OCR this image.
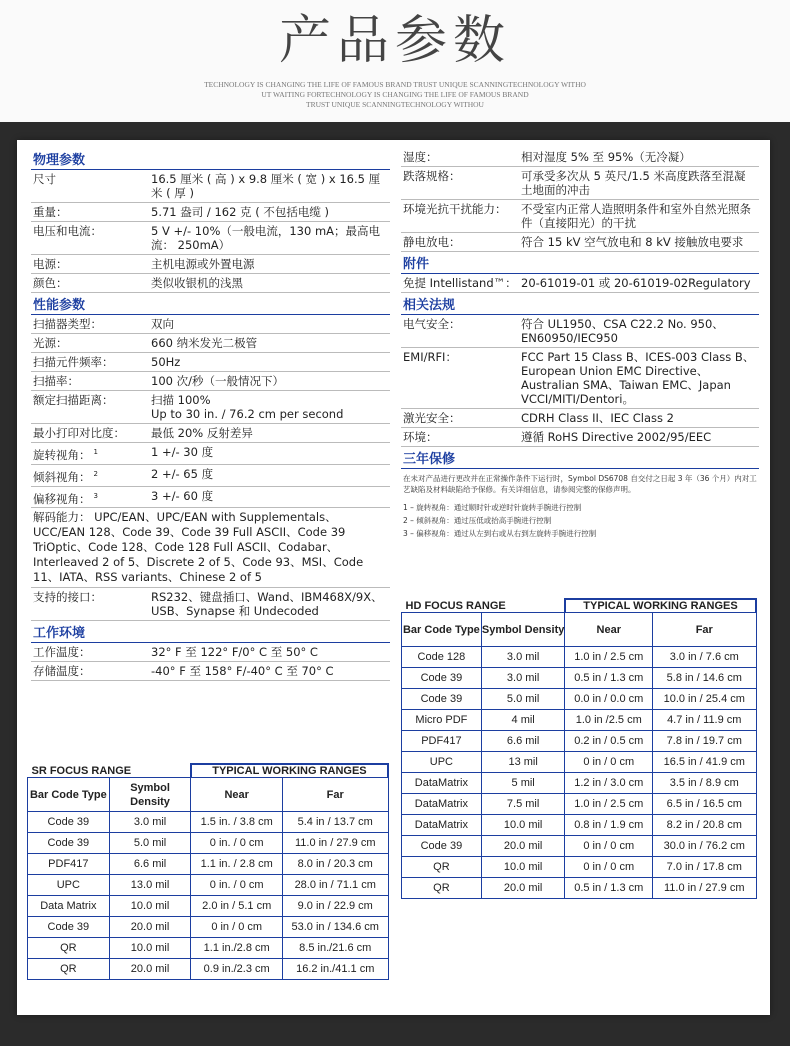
产品参数
TECHNOLOGY IS CHANGING THE LIFE OF FAMOUS BRAND TRUST UNIQUE SCANNINGTECHNOLOGY WITHO
UT WAITING FORTECHNOLOGY IS CHANGING THE LIFE OF FAMOUS BRAND
TRUST UNIQUE SCANNINGTECHNOLOGY WITHOU
物理参数
尺寸	16.5 厘米 ( 高 ) x 9.8 厘米 ( 宽 ) x 16.5 厘米 ( 厚 )
重量：	5.71 盎司 / 162 克 ( 不包括电缆 )
电压和电流：	5 V +/- 10%（一般电流，130 mA；最高电流： 250mA）
电源：	主机电源或外置电源
颜色：	类似收银机的浅黑
性能参数
扫描器类型：	双向
光源：	660 纳米发光二极管
扫描元件频率：	50Hz
扫描率：	100 次/秒（一般情况下）
额定扫描距离：	扫描 100%
Up to 30 in. / 76.2 cm per second
最小打印对比度：	最低 20% 反射差异
旋转视角： $^1$	1 +/- 30 度
倾斜视角： $^2$	2 +/- 65 度
偏移视角： $^3$	3 +/- 60 度
解码能力： UPC/EAN、UPC/EAN with Supplementals、UCC/EAN 128、Code 39、Code 39 Full ASCII、Code 39 TriOptic、Code 128、Code 128 Full ASCII、Codabar、Interleaved 2 of 5、Discrete 2 of 5、Code 93、MSI、Code 11、IATA、RSS variants、Chinese 2 of 5
支持的接口：	RS232、键盘插口、Wand、IBM468X/9X、USB、Synapse 和 Undecoded
工作环境
工作温度：	32° F 至 122° F/0° C 至 50° C
存储温度：	-40° F 至 158° F/-40° C 至 70° C
湿度：	相对湿度 5% 至 95%（无冷凝）
跌落规格：	可承受多次从 5 英尺/1.5 米高度跌落至混凝土地面的冲击
环境光抗干扰能力：	不受室内正常人造照明条件和室外自然光照条件（直接阳光）的干扰
静电放电：	符合 15 kV 空气放电和 8 kV 接触放电要求
附件
免提 Intellistand™： 20-61019-01 或 20-61019-02Regulatory
相关法规
电气安全：	符合 UL1950、CSA C22.2 No. 950、EN60950/IEC950
EMI/RFI：	FCC Part 15 Class B、ICES-003 Class B、European Union EMC Directive、Australian SMA、Taiwan EMC、Japan VCCI/MITI/Dentori。
激光安全：	CDRH Class II、IEC Class 2
环境：	遵循 RoHS Directive 2002/95/EEC
三年保修
在未对产品进行更改并在正常操作条件下运行时，Symbol DS6708 自交付之日起 3 年（36 个月）内对工艺缺陷及材料缺陷给予保修。有关详细信息，请参阅完整的保修声明。
1 – 旋转视角：通过顺时针或逆时针旋转手腕进行控制
2 – 倾斜视角：通过压低或抬高手腕进行控制
3 – 偏移视角：通过从左到右或从右到左旋转手腕进行控制
SR FOCUS RANGE		TYPICAL WORKING RANGES	
Bar Code Type	Symbol Density	Near	Far
Code 39	3.0 mil	1.5 in. / 3.8 cm	5.4 in / 13.7 cm
Code 39	5.0 mil	0 in. / 0 cm	11.0 in / 27.9 cm
PDF417	6.6 mil	1.1 in. / 2.8 cm	8.0 in / 20.3 cm
UPC	13.0 mil	0 in. / 0 cm	28.0 in / 71.1 cm
Data Matrix	10.0 mil	2.0 in / 5.1 cm	9.0 in / 22.9 cm
Code 39	20.0 mil	0 in / 0 cm	53.0 in / 134.6 cm
QR	10.0 mil	1.1 in./2.8 cm	8.5 in./21.6 cm
QR	20.0 mil	0.9 in./2.3 cm	16.2 in./41.1 cm
HD FOCUS RANGE		TYPICAL WORKING RANGES	
Bar Code Type	Symbol Density	Near	Far
Code 128	3.0 mil	1.0 in / 2.5 cm	3.0 in / 7.6 cm
Code 39	3.0 mil	0.5 in / 1.3 cm	5.8 in / 14.6 cm
Code 39	5.0 mil	0.0 in / 0.0 cm	10.0 in / 25.4 cm
Micro PDF	4 mil	1.0 in /2.5 cm	4.7 in / 11.9 cm
PDF417	6.6 mil	0.2 in / 0.5 cm	7.8 in / 19.7 cm
UPC	13 mil	0 in / 0 cm	16.5 in / 41.9 cm
DataMatrix	5 mil	1.2 in / 3.0 cm	3.5 in / 8.9 cm
DataMatrix	7.5 mil	1.0 in / 2.5 cm	6.5 in / 16.5 cm
DataMatrix	10.0 mil	0.8 in / 1.9 cm	8.2 in / 20.8 cm
Code 39	20.0 mil	0 in / 0 cm	30.0 in / 76.2 cm
QR	10.0 mil	0 in / 0 cm	7.0 in / 17.8 cm
QR	20.0 mil	0.5 in / 1.3 cm	11.0 in / 27.9 cm
